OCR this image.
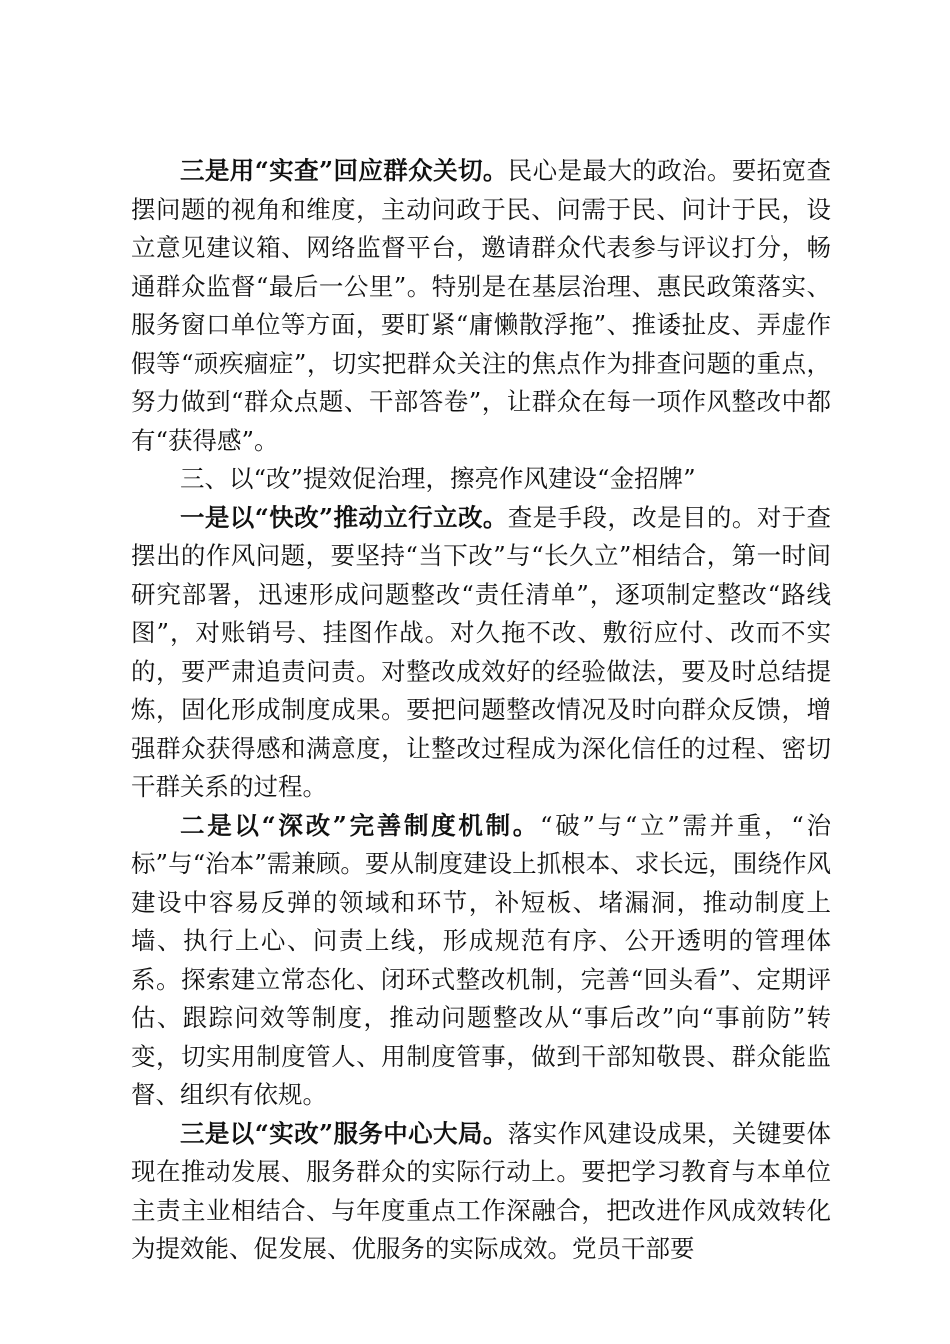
三是用“实查”回应群众关切。民心是最大的政治。要拓宽查摆问题的视角和维度，主动问政于民、问需于民、问计于民，设立意见建议箱、网络监督平台，邀请群众代表参与评议打分，畅通群众监督“最后一公里”。特别是在基层治理、惠民政策落实、服务窗口单位等方面，要盯紧“庸懒散浮拖”、推诿扯皮、弄虚作假等“顽疾痼症”，切实把群众关注的焦点作为排查问题的重点，努力做到“群众点题、干部答卷”，让群众在每一项作风整改中都有“获得感”。

三、以“改”提效促治理，擦亮作风建设“金招牌”

一是以“快改”推动立行立改。查是手段，改是目的。对于查摆出的作风问题，要坚持“当下改”与“长久立”相结合，第一时间研究部署，迅速形成问题整改“责任清单”，逐项制定整改“路线图”，对账销号、挂图作战。对久拖不改、敷衍应付、改而不实的，要严肃追责问责。对整改成效好的经验做法，要及时总结提炼，固化形成制度成果。要把问题整改情况及时向群众反馈，增强群众获得感和满意度，让整改过程成为深化信任的过程、密切干群关系的过程。

二是以“深改”完善制度机制。“破”与“立”需并重，“治标”与“治本”需兼顾。要从制度建设上抓根本、求长远，围绕作风建设中容易反弹的领域和环节，补短板、堵漏洞，推动制度上墙、执行上心、问责上线，形成规范有序、公开透明的管理体系。探索建立常态化、闭环式整改机制，完善“回头看”、定期评估、跟踪问效等制度，推动问题整改从“事后改”向“事前防”转变，切实用制度管人、用制度管事，做到干部知敬畏、群众能监督、组织有依规。

三是以“实改”服务中心大局。落实作风建设成果，关键要体现在推动发展、服务群众的实际行动上。要把学习教育与本单位主责主业相结合、与年度重点工作深融合，把改进作风成效转化为提效能、促发展、优服务的实际成效。党员干部要
